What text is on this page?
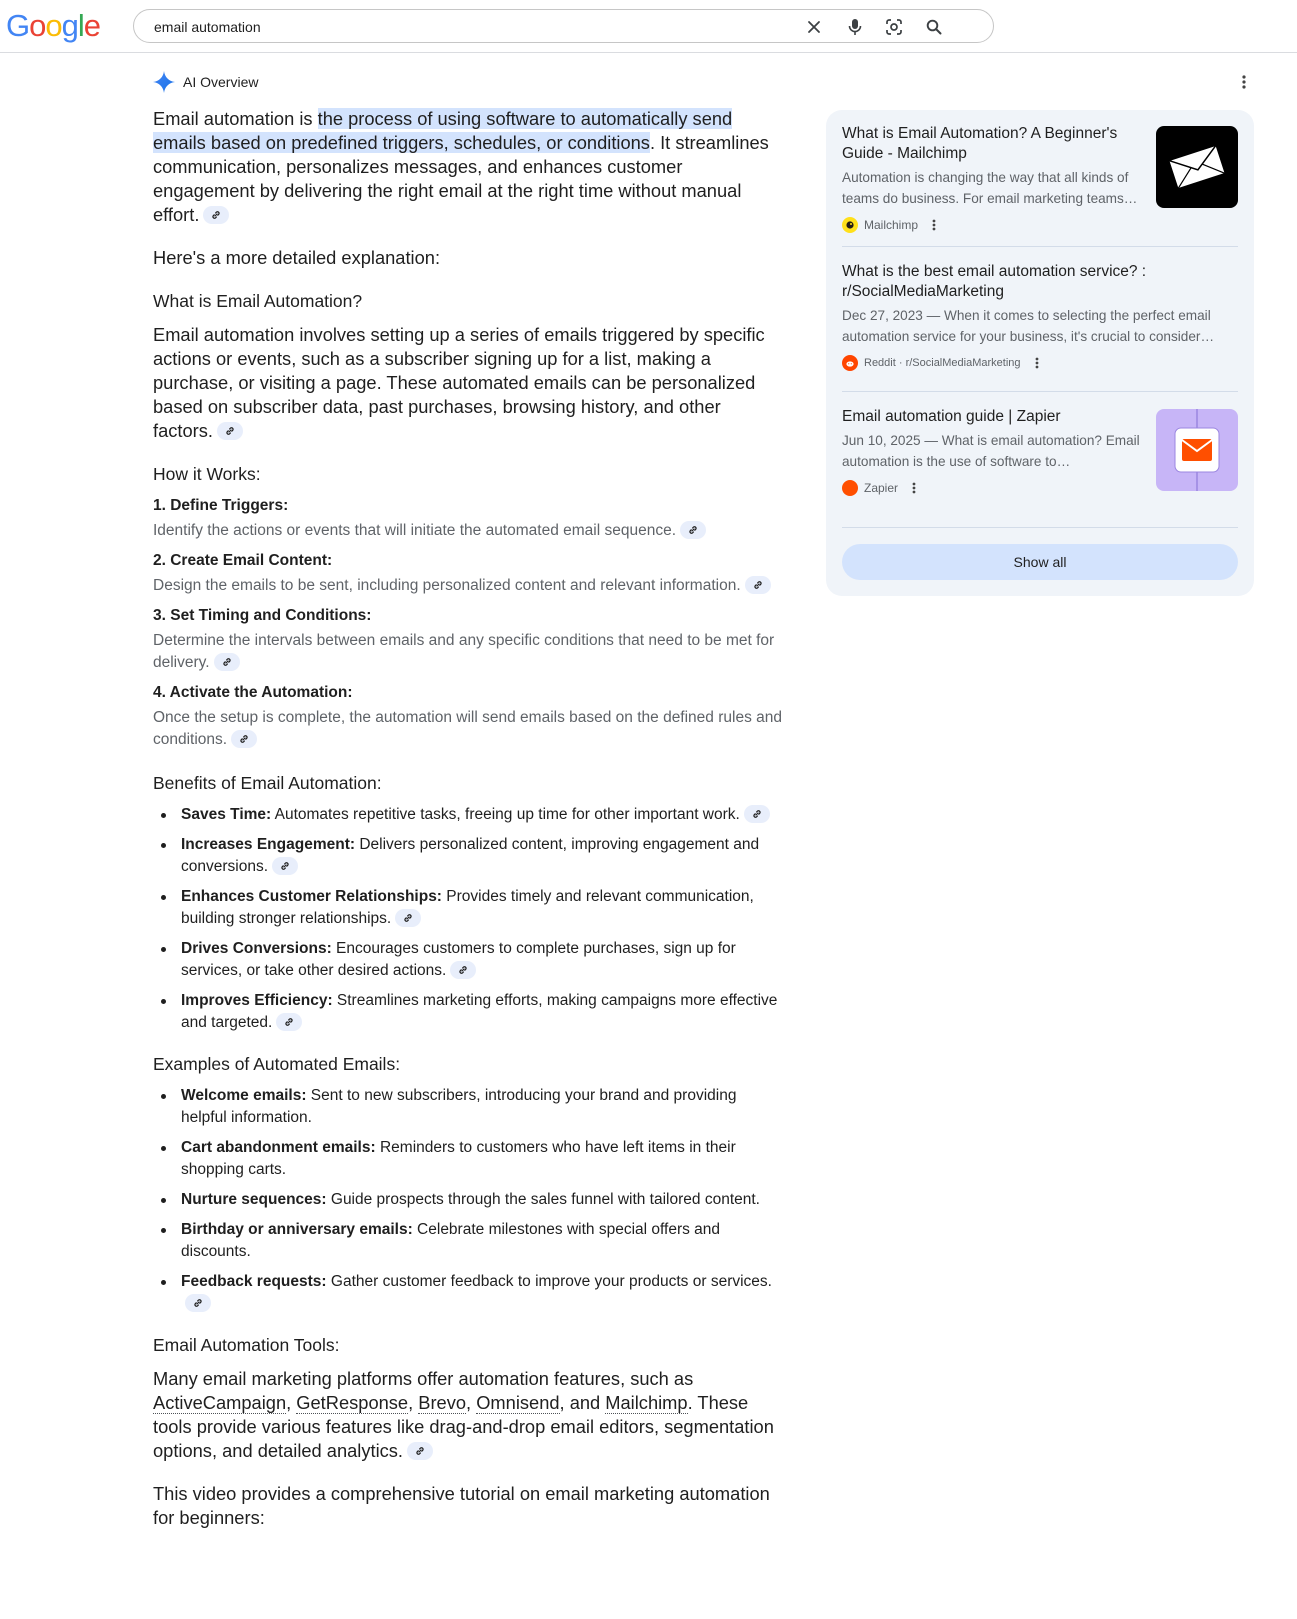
Google
email automation
AI Overview

Email automation is the process of using software to automatically send emails based on predefined triggers, schedules, or conditions. It streamlines communication, personalizes messages, and enhances customer engagement by delivering the right email at the right time without manual effort.

Here's a more detailed explanation:

What is Email Automation?

Email automation involves setting up a series of emails triggered by specific actions or events, such as a subscriber signing up for a list, making a purchase, or visiting a page. These automated emails can be personalized based on subscriber data, past purchases, browsing history, and other factors.

How it Works:

1. Define Triggers:

Identify the actions or events that will initiate the automated email sequence.

2. Create Email Content:

Design the emails to be sent, including personalized content and relevant information.

3. Set Timing and Conditions:

Determine the intervals between emails and any specific conditions that need to be met for delivery.

4. Activate the Automation:

Once the setup is complete, the automation will send emails based on the defined rules and conditions.

Benefits of Email Automation:

Saves Time: Automates repetitive tasks, freeing up time for other important work.
Increases Engagement: Delivers personalized content, improving engagement and conversions.
Enhances Customer Relationships: Provides timely and relevant communication, building stronger relationships.
Drives Conversions: Encourages customers to complete purchases, sign up for services, or take other desired actions.
Improves Efficiency: Streamlines marketing efforts, making campaigns more effective and targeted.

Examples of Automated Emails:

Welcome emails: Sent to new subscribers, introducing your brand and providing helpful information.
Cart abandonment emails: Reminders to customers who have left items in their shopping carts.
Nurture sequences: Guide prospects through the sales funnel with tailored content.
Birthday or anniversary emails: Celebrate milestones with special offers and discounts.
Feedback requests: Gather customer feedback to improve your products or services.

Email Automation Tools:

Many email marketing platforms offer automation features, such as ActiveCampaign, GetResponse, Brevo, Omnisend, and Mailchimp. These tools provide various features like drag-and-drop email editors, segmentation options, and detailed analytics.

This video provides a comprehensive tutorial on email marketing automation for beginners:

What is Email Automation? A Beginner's Guide - Mailchimp

Automation is changing the way that all kinds of teams do business. For email marketing teams…

Mailchimp

What is the best email automation service? : r/SocialMediaMarketing

Dec 27, 2023 — When it comes to selecting the perfect email automation service for your business, it's crucial to consider…

Reddit · r/SocialMediaMarketing

Email automation guide | Zapier

Jun 10, 2025 — What is email automation? Email automation is the use of software to…

Zapier
Show all
